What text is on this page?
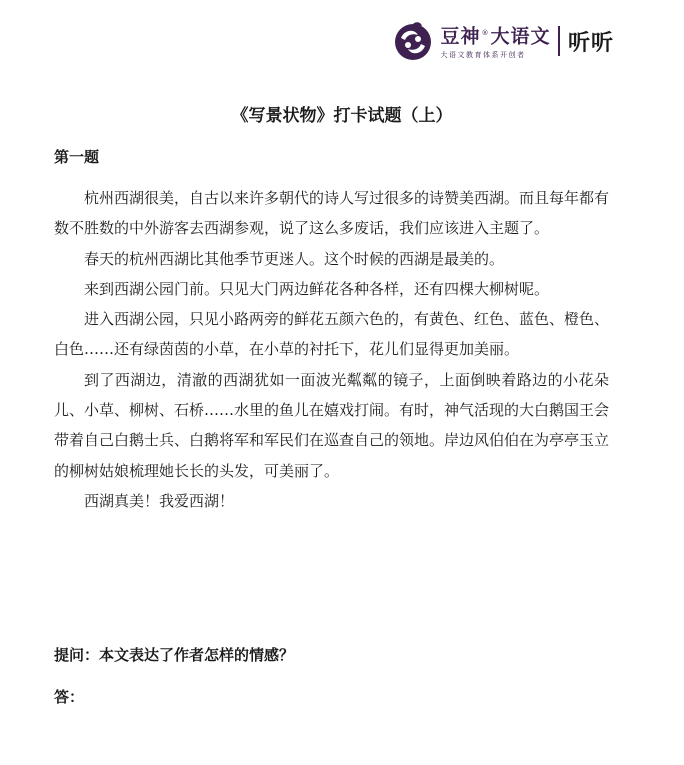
豆神®大语文
大语文教育体系开创者	听听
《写景状物》打卡试题（上）
第一题

杭州西湖很美，自古以来许多朝代的诗人写过很多的诗赞美西湖。而且每年都有数不胜数的中外游客去西湖参观，说了这么多废话，我们应该进入主题了。

春天的杭州西湖比其他季节更迷人。这个时候的西湖是最美的。

来到西湖公园门前。只见大门两边鲜花各种各样，还有四棵大柳树呢。

进入西湖公园，只见小路两旁的鲜花五颜六色的，有黄色、红色、蓝色、橙色、白色……还有绿茵茵的小草，在小草的衬托下，花儿们显得更加美丽。

到了西湖边，清澈的西湖犹如一面波光粼粼的镜子，上面倒映着路边的小花朵儿、小草、柳树、石桥……水里的鱼儿在嬉戏打闹。有时，神气活现的大白鹅国王会带着自己白鹅士兵、白鹅将军和军民们在巡查自己的领地。岸边风伯伯在为亭亭玉立的柳树姑娘梳理她长长的头发，可美丽了。

西湖真美！我爱西湖！

提问：本文表达了作者怎样的情感？

答：
